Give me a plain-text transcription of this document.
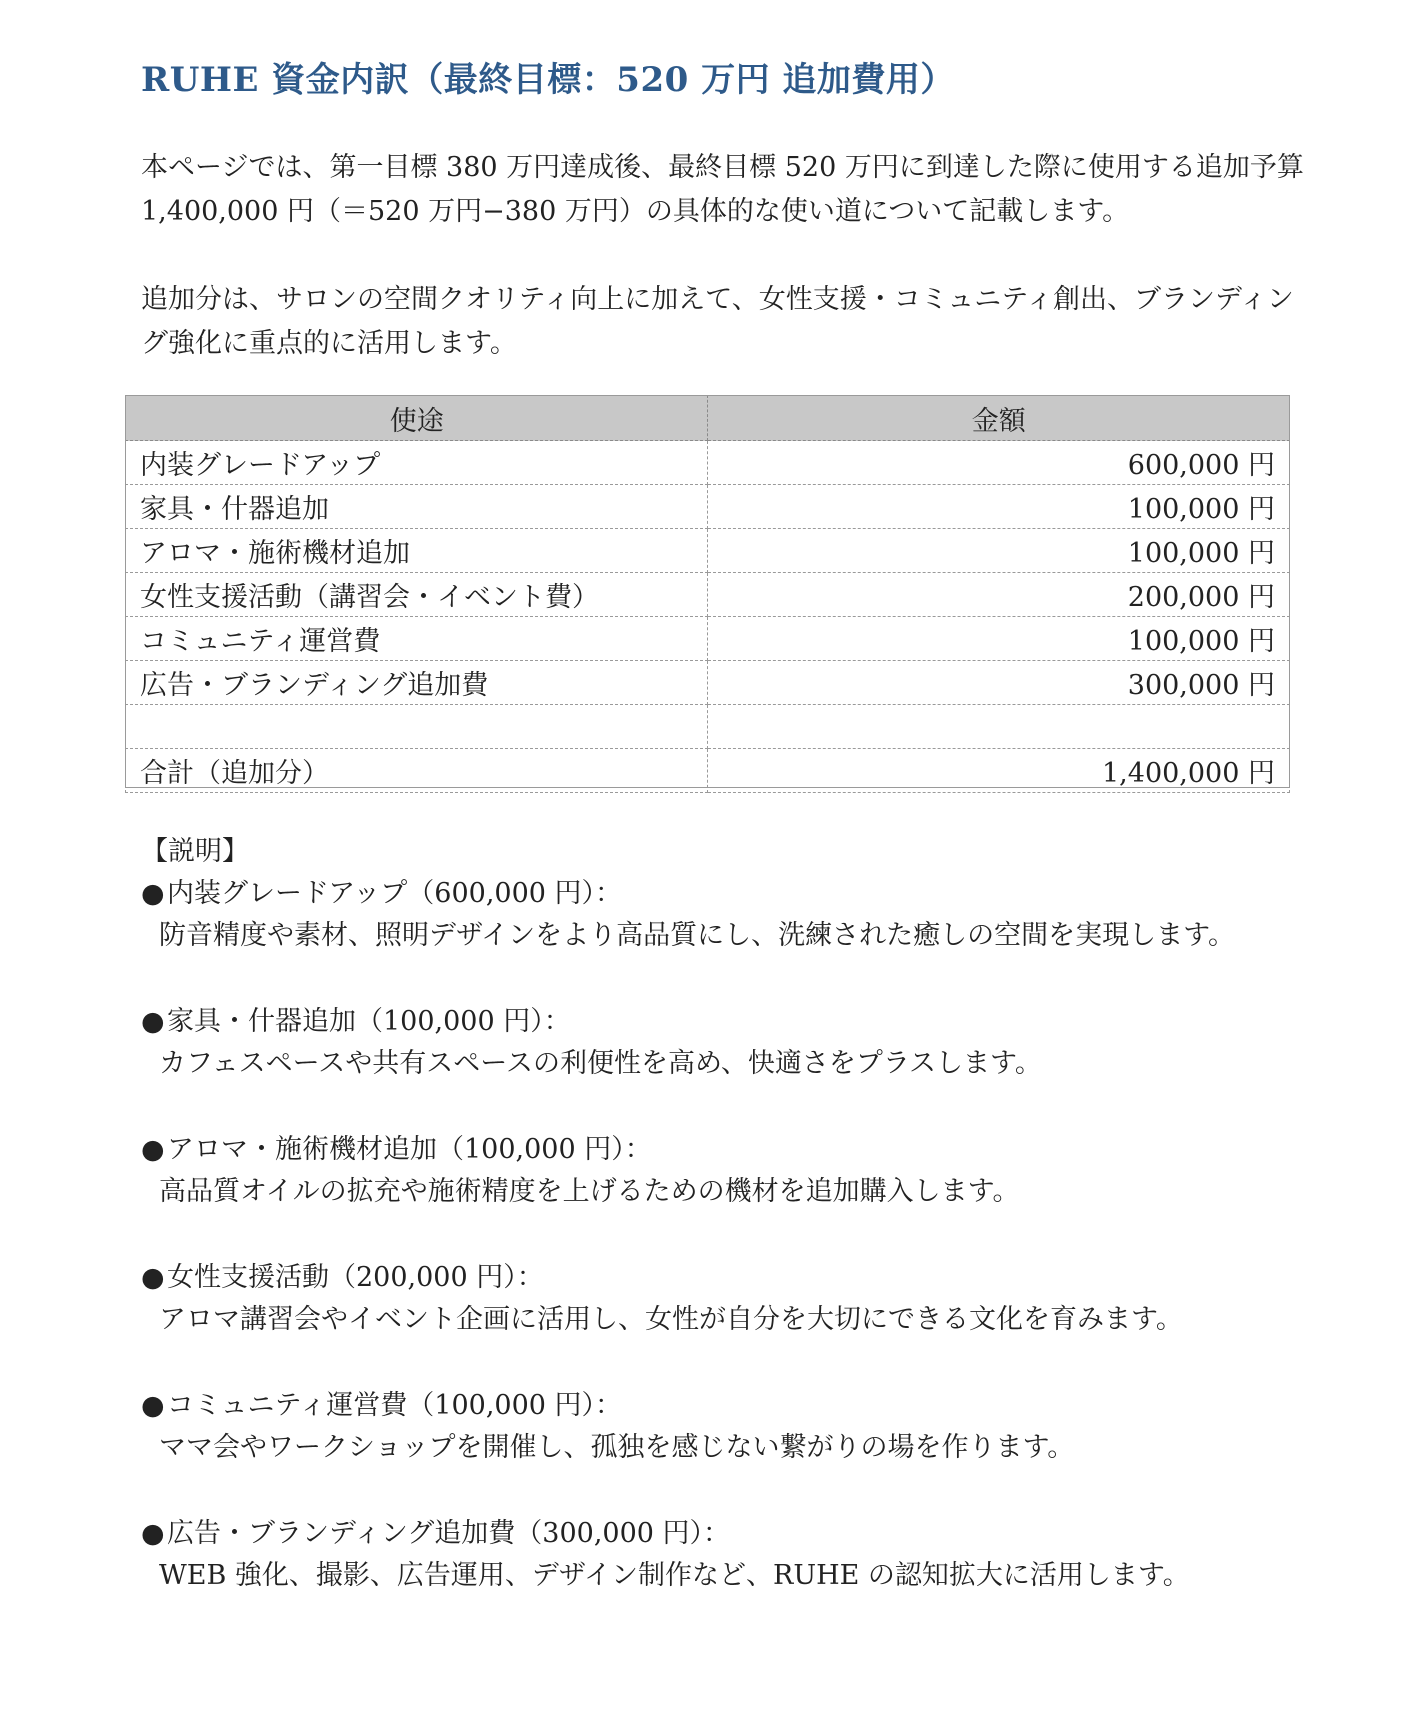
RUHE 資金内訳（最終目標：520 万円 追加費用）

本ページでは、第一目標 380 万円達成後、最終目標 520 万円に到達した際に使用する追加予算 1,400,000 円（＝520 万円−380 万円）の具体的な使い道について記載します。

追加分は、サロンの空間クオリティ向上に加えて、女性支援・コミュニティ創出、ブランディング強化に重点的に活用します。

使途	金額
内装グレードアップ	600,000 円
家具・什器追加	100,000 円
アロマ・施術機材追加	100,000 円
女性支援活動（講習会・イベント費）	200,000 円
コミュニティ運営費	100,000 円
広告・ブランディング追加費	300,000 円

合計（追加分）	1,400,000 円

【説明】

●内装グレードアップ（600,000 円）：

防音精度や素材、照明デザインをより高品質にし、洗練された癒しの空間を実現します。

●家具・什器追加（100,000 円）：

カフェスペースや共有スペースの利便性を高め、快適さをプラスします。

●アロマ・施術機材追加（100,000 円）：

高品質オイルの拡充や施術精度を上げるための機材を追加購入します。

●女性支援活動（200,000 円）：

アロマ講習会やイベント企画に活用し、女性が自分を大切にできる文化を育みます。

●コミュニティ運営費（100,000 円）：

ママ会やワークショップを開催し、孤独を感じない繋がりの場を作ります。

●広告・ブランディング追加費（300,000 円）：

WEB 強化、撮影、広告運用、デザイン制作など、RUHE の認知拡大に活用します。
